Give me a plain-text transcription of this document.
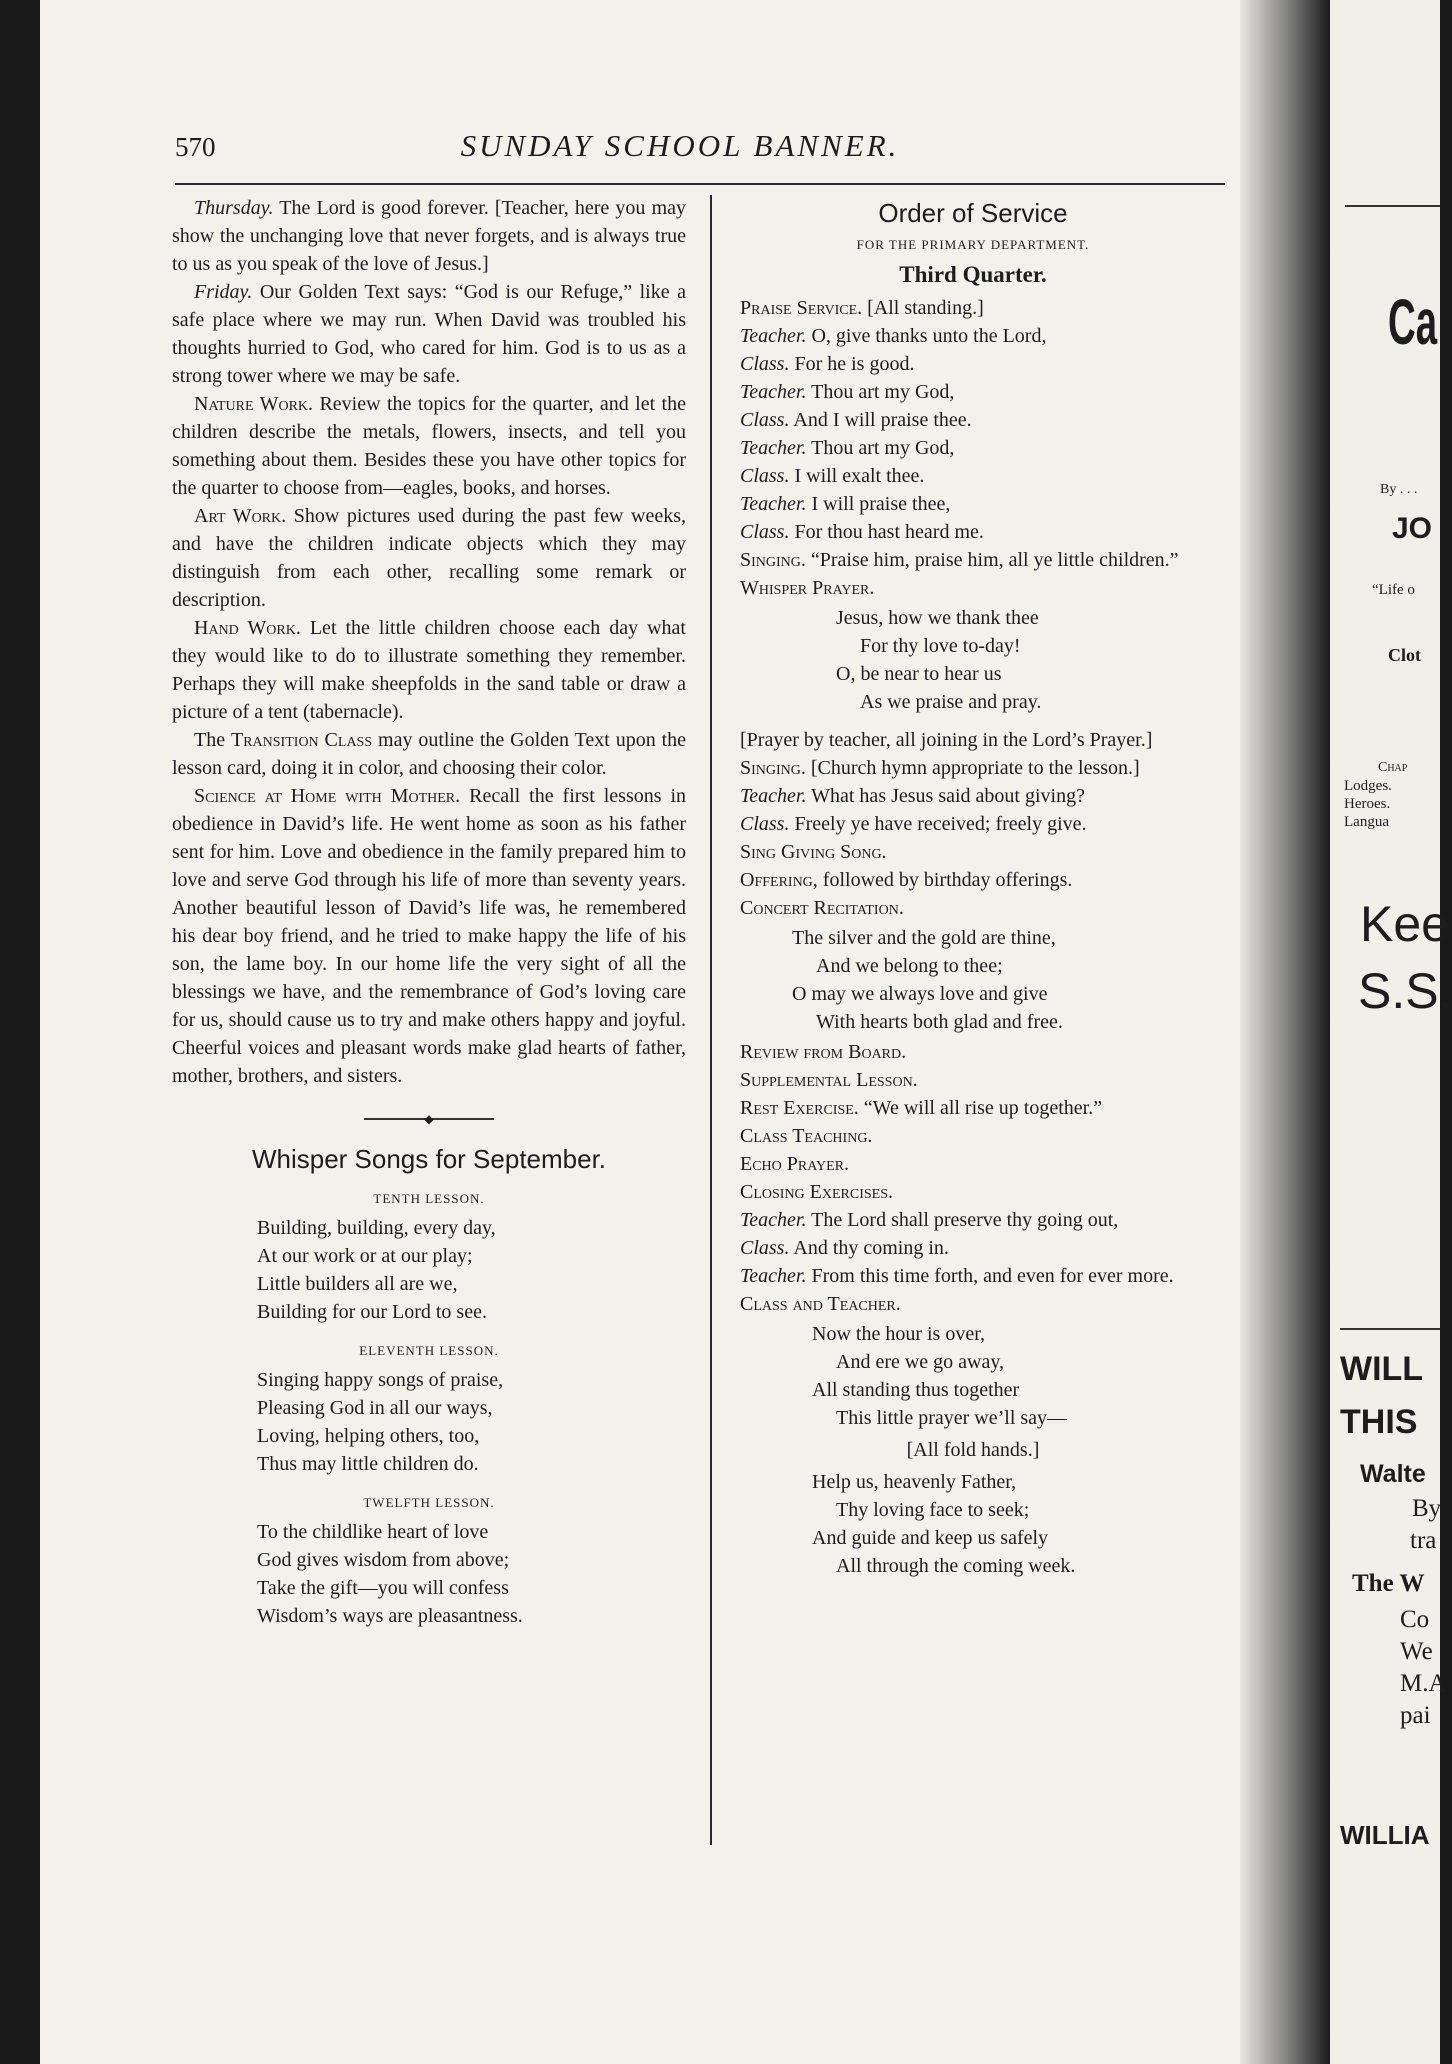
570	SUNDAY SCHOOL BANNER.

Thursday. The Lord is good forever. [Teacher, here you may show the unchanging love that never forgets, and is always true to us as you speak of the love of Jesus.]

Friday. Our Golden Text says: “God is our Refuge,” like a safe place where we may run. When David was troubled his thoughts hurried to God, who cared for him. God is to us as a strong tower where we may be safe.

Nature Work. Review the topics for the quarter, and let the children describe the metals, flowers, insects, and tell you something about them. Besides these you have other topics for the quarter to choose from—eagles, books, and horses.

Art Work. Show pictures used during the past few weeks, and have the children indicate objects which they may distinguish from each other, recalling some remark or description.

Hand Work. Let the little children choose each day what they would like to do to illustrate something they remember. Perhaps they will make sheepfolds in the sand table or draw a picture of a tent (tabernacle).

The Transition Class may outline the Golden Text upon the lesson card, doing it in color, and choosing their color.

Science at Home with Mother. Recall the first lessons in obedience in David’s life. He went home as soon as his father sent for him. Love and obedience in the family prepared him to love and serve God through his life of more than seventy years. Another beautiful lesson of David’s life was, he remembered his dear boy friend, and he tried to make happy the life of his son, the lame boy. In our home life the very sight of all the blessings we have, and the remembrance of God’s loving care for us, should cause us to try and make others happy and joyful. Cheerful voices and pleasant words make glad hearts of father, mother, brothers, and sisters.

◆
Whisper Songs for September.
TENTH LESSON.
Building, building, every day,
At our work or at our play;
Little builders all are we,
Building for our Lord to see.
ELEVENTH LESSON.
Singing happy songs of praise,
Pleasing God in all our ways,
Loving, helping others, too,
Thus may little children do.
TWELFTH LESSON.
To the childlike heart of love
God gives wisdom from above;
Take the gift—you will confess
Wisdom’s ways are pleasantness.
Order of Service
FOR THE PRIMARY DEPARTMENT.
Third Quarter.

Praise Service. [All standing.]

Teacher. O, give thanks unto the Lord,

Class. For he is good.

Teacher. Thou art my God,

Class. And I will praise thee.

Teacher. Thou art my God,

Class. I will exalt thee.

Teacher. I will praise thee,

Class. For thou hast heard me.

Singing. “Praise him, praise him, all ye little children.”

Whisper Prayer.

Jesus, how we thank thee
For thy love to-day!
O, be near to hear us
As we praise and pray.

[Prayer by teacher, all joining in the Lord’s Prayer.]

Singing. [Church hymn appropriate to the lesson.]

Teacher. What has Jesus said about giving?

Class. Freely ye have received; freely give.

Sing Giving Song.

Offering, followed by birthday offerings.

Concert Recitation.

The silver and the gold are thine,
And we belong to thee;
O may we always love and give
With hearts both glad and free.

Review from Board.

Supplemental Lesson.

Rest Exercise. “We will all rise up together.”

Class Teaching.

Echo Prayer.

Closing Exercises.

Teacher. The Lord shall preserve thy going out,

Class. And thy coming in.

Teacher. From this time forth, and even for ever more.

Class and Teacher.

Now the hour is over,
And ere we go away,
All standing thus together
This little prayer we’ll say—
[All fold hands.]
Help us, heavenly Father,
Thy loving face to seek;
And guide and keep us safely
All through the coming week.
Ca
By . . .
JO
“Life o
Clot
Chap
Lodges.
Heroes.
Langua
Kee
S.S.
WILL
THIS
Walte
By
tra
The W
Co
We
M.A
pai
WILLIA
